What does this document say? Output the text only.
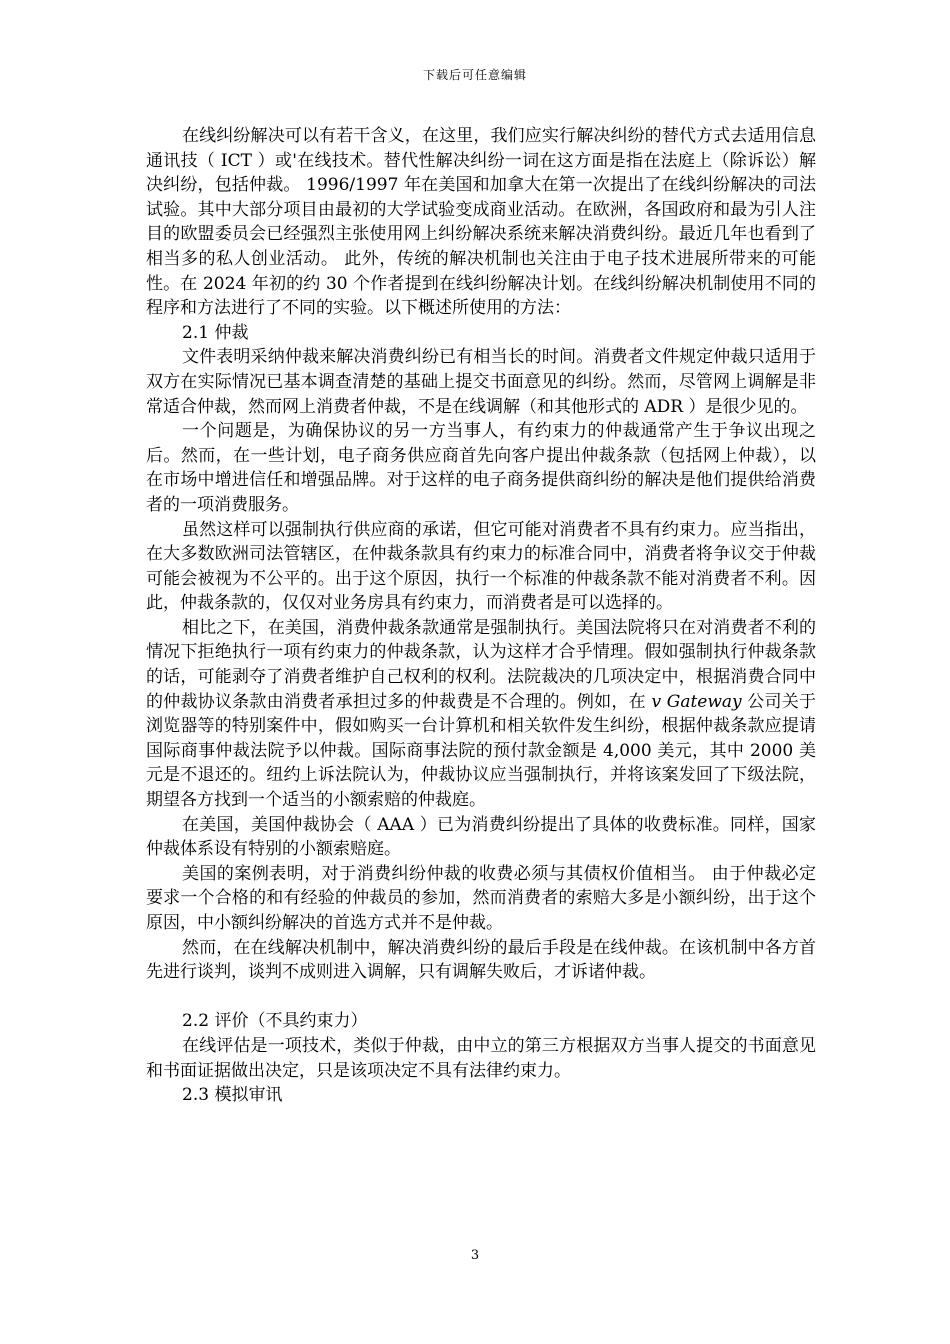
下载后可任意编辑

在线纠纷解决可以有若干含义，在这里，我们应实行解决纠纷的替代方式去适用信息通讯技（ ICT ）或'在线技术。替代性解决纠纷一词在这方面是指在法庭上（除诉讼）解决纠纷，包括仲裁。 1996/1997 年在美国和加拿大在第一次提出了在线纠纷解决的司法试验。其中大部分项目由最初的大学试验变成商业活动。在欧洲，各国政府和最为引人注目的欧盟委员会已经强烈主张使用网上纠纷解决系统来解决消费纠纷。最近几年也看到了相当多的私人创业活动。 此外，传统的解决机制也关注由于电子技术进展所带来的可能性。在 2024 年初的约 30 个作者提到在线纠纷解决计划。在线纠纷解决机制使用不同的程序和方法进行了不同的实验。以下概述所使用的方法：

2.1 仲裁

文件表明采纳仲裁来解决消费纠纷已有相当长的时间。消费者文件规定仲裁只适用于双方在实际情况已基本调查清楚的基础上提交书面意见的纠纷。然而，尽管网上调解是非常适合仲裁，然而网上消费者仲裁，不是在线调解（和其他形式的 ADR ）是很少见的。

一个问题是，为确保协议的另一方当事人，有约束力的仲裁通常产生于争议出现之后。然而，在一些计划，电子商务供应商首先向客户提出仲裁条款（包括网上仲裁），以在市场中增进信任和增强品牌。对于这样的电子商务提供商纠纷的解决是他们提供给消费者的一项消费服务。

虽然这样可以强制执行供应商的承诺，但它可能对消费者不具有约束力。应当指出，在大多数欧洲司法管辖区，在仲裁条款具有约束力的标准合同中，消费者将争议交于仲裁可能会被视为不公平的。出于这个原因，执行一个标准的仲裁条款不能对消费者不利。因此，仲裁条款的，仅仅对业务房具有约束力，而消费者是可以选择的。

相比之下，在美国，消费仲裁条款通常是强制执行。美国法院将只在对消费者不利的情况下拒绝执行一项有约束力的仲裁条款，认为这样才合乎情理。假如强制执行仲裁条款的话，可能剥夺了消费者维护自己权利的权利。法院裁决的几项决定中，根据消费合同中的仲裁协议条款由消费者承担过多的仲裁费是不合理的。例如，在 v Gateway 公司关于浏览器等的特别案件中，假如购买一台计算机和相关软件发生纠纷，根据仲裁条款应提请国际商事仲裁法院予以仲裁。国际商事法院的预付款金额是 4,000 美元，其中 2000 美元是不退还的。纽约上诉法院认为，仲裁协议应当强制执行，并将该案发回了下级法院，期望各方找到一个适当的小额索赔的仲裁庭。

在美国，美国仲裁协会（ AAA ）已为消费纠纷提出了具体的收费标准。同样，国家仲裁体系设有特别的小额索赔庭。

美国的案例表明，对于消费纠纷仲裁的收费必须与其债权价值相当。 由于仲裁必定要求一个合格的和有经验的仲裁员的参加，然而消费者的索赔大多是小额纠纷，出于这个原因，中小额纠纷解决的首选方式并不是仲裁。

然而，在在线解决机制中，解决消费纠纷的最后手段是在线仲裁。在该机制中各方首先进行谈判，谈判不成则进入调解，只有调解失败后，才诉诸仲裁。

2.2 评价（不具约束力）

在线评估是一项技术，类似于仲裁，由中立的第三方根据双方当事人提交的书面意见和书面证据做出决定，只是该项决定不具有法律约束力。

2.3 模拟审讯

3
